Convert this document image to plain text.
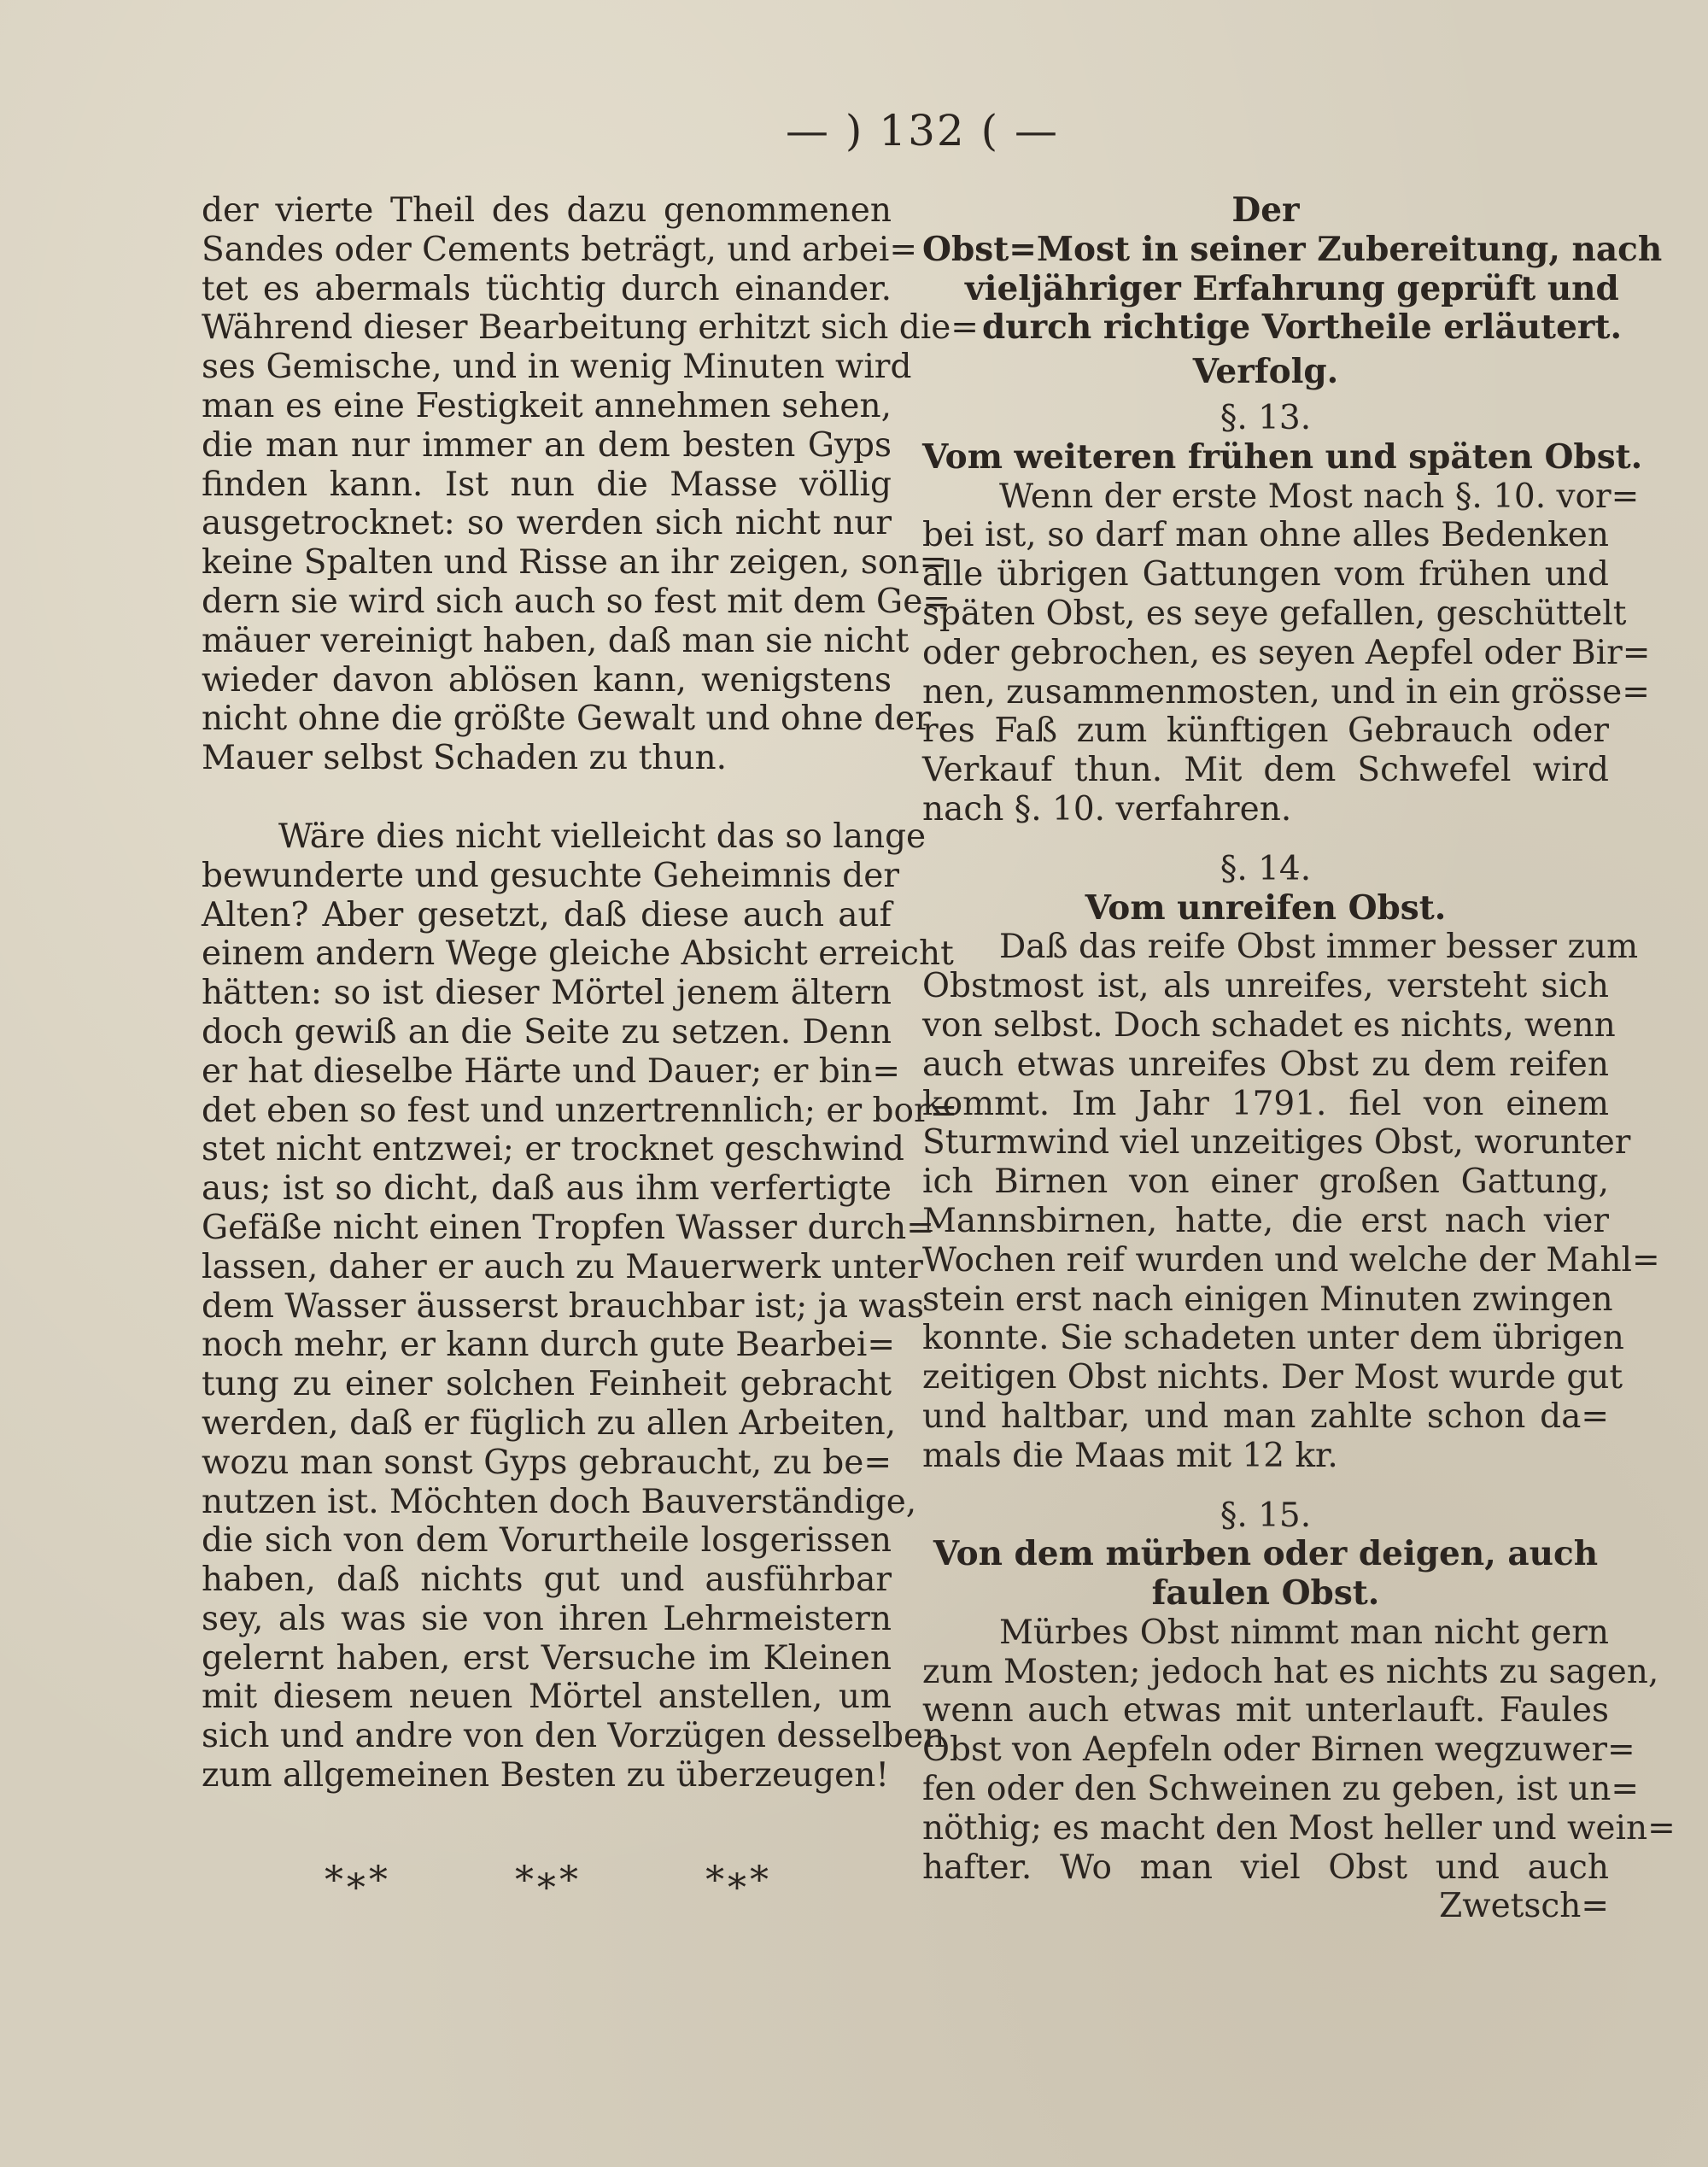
— ) 132 ( —
der vierte Theil des dazu genommenen
Sandes oder Cements beträgt, und arbei=
tet es abermals tüchtig durch einander.
Während dieser Bearbeitung erhitzt sich die=
ses Gemische, und in wenig Minuten wird
man es eine Festigkeit annehmen sehen,
die man nur immer an dem besten Gyps
finden kann. Ist nun die Masse völlig
ausgetrocknet: so werden sich nicht nur
keine Spalten und Risse an ihr zeigen, son=
dern sie wird sich auch so fest mit dem Ge=
mäuer vereinigt haben, daß man sie nicht
wieder davon ablösen kann, wenigstens
nicht ohne die größte Gewalt und ohne der
Mauer selbst Schaden zu thun.
Wäre dies nicht vielleicht das so lange
bewunderte und gesuchte Geheimnis der
Alten? Aber gesetzt, daß diese auch auf
einem andern Wege gleiche Absicht erreicht
hätten: so ist dieser Mörtel jenem ältern
doch gewiß an die Seite zu setzen. Denn
er hat dieselbe Härte und Dauer; er bin=
det eben so fest und unzertrennlich; er bor=
stet nicht entzwei; er trocknet geschwind
aus; ist so dicht, daß aus ihm verfertigte
Gefäße nicht einen Tropfen Wasser durch=
lassen, daher er auch zu Mauerwerk unter
dem Wasser äusserst brauchbar ist; ja was
noch mehr, er kann durch gute Bearbei=
tung zu einer solchen Feinheit gebracht
werden, daß er füglich zu allen Arbeiten,
wozu man sonst Gyps gebraucht, zu be=
nutzen ist. Möchten doch Bauverständige,
die sich von dem Vorurtheile losgerissen
haben, daß nichts gut und ausführbar
sey, als was sie von ihren Lehrmeistern
gelernt haben, erst Versuche im Kleinen
mit diesem neuen Mörtel anstellen, um
sich und andre von den Vorzügen desselben
zum allgemeinen Besten zu überzeugen!
*∗*	*∗*	*∗*
Der
Obst=Most in seiner Zubereitung, nach
vieljähriger Erfahrung geprüft und
durch richtige Vortheile erläutert.
Verfolg.
§. 13.
Vom weiteren frühen und späten Obst.
Wenn der erste Most nach §. 10. vor=
bei ist, so darf man ohne alles Bedenken
alle übrigen Gattungen vom frühen und
späten Obst, es seye gefallen, geschüttelt
oder gebrochen, es seyen Aepfel oder Bir=
nen, zusammenmosten, und in ein grösse=
res Faß zum künftigen Gebrauch oder
Verkauf thun. Mit dem Schwefel wird
nach §. 10. verfahren.
§. 14.
Vom unreifen Obst.
Daß das reife Obst immer besser zum
Obstmost ist, als unreifes, versteht sich
von selbst. Doch schadet es nichts, wenn
auch etwas unreifes Obst zu dem reifen
kommt. Im Jahr 1791. fiel von einem
Sturmwind viel unzeitiges Obst, worunter
ich Birnen von einer großen Gattung,
Mannsbirnen, hatte, die erst nach vier
Wochen reif wurden und welche der Mahl=
stein erst nach einigen Minuten zwingen
konnte. Sie schadeten unter dem übrigen
zeitigen Obst nichts. Der Most wurde gut
und haltbar, und man zahlte schon da=
mals die Maas mit 12 kr.
§. 15.
Von dem mürben oder deigen, auch
faulen Obst.
Mürbes Obst nimmt man nicht gern
zum Mosten; jedoch hat es nichts zu sagen,
wenn auch etwas mit unterlauft. Faules
Obst von Aepfeln oder Birnen wegzuwer=
fen oder den Schweinen zu geben, ist un=
nöthig; es macht den Most heller und wein=
hafter. Wo man viel Obst und auch
Zwetsch=
